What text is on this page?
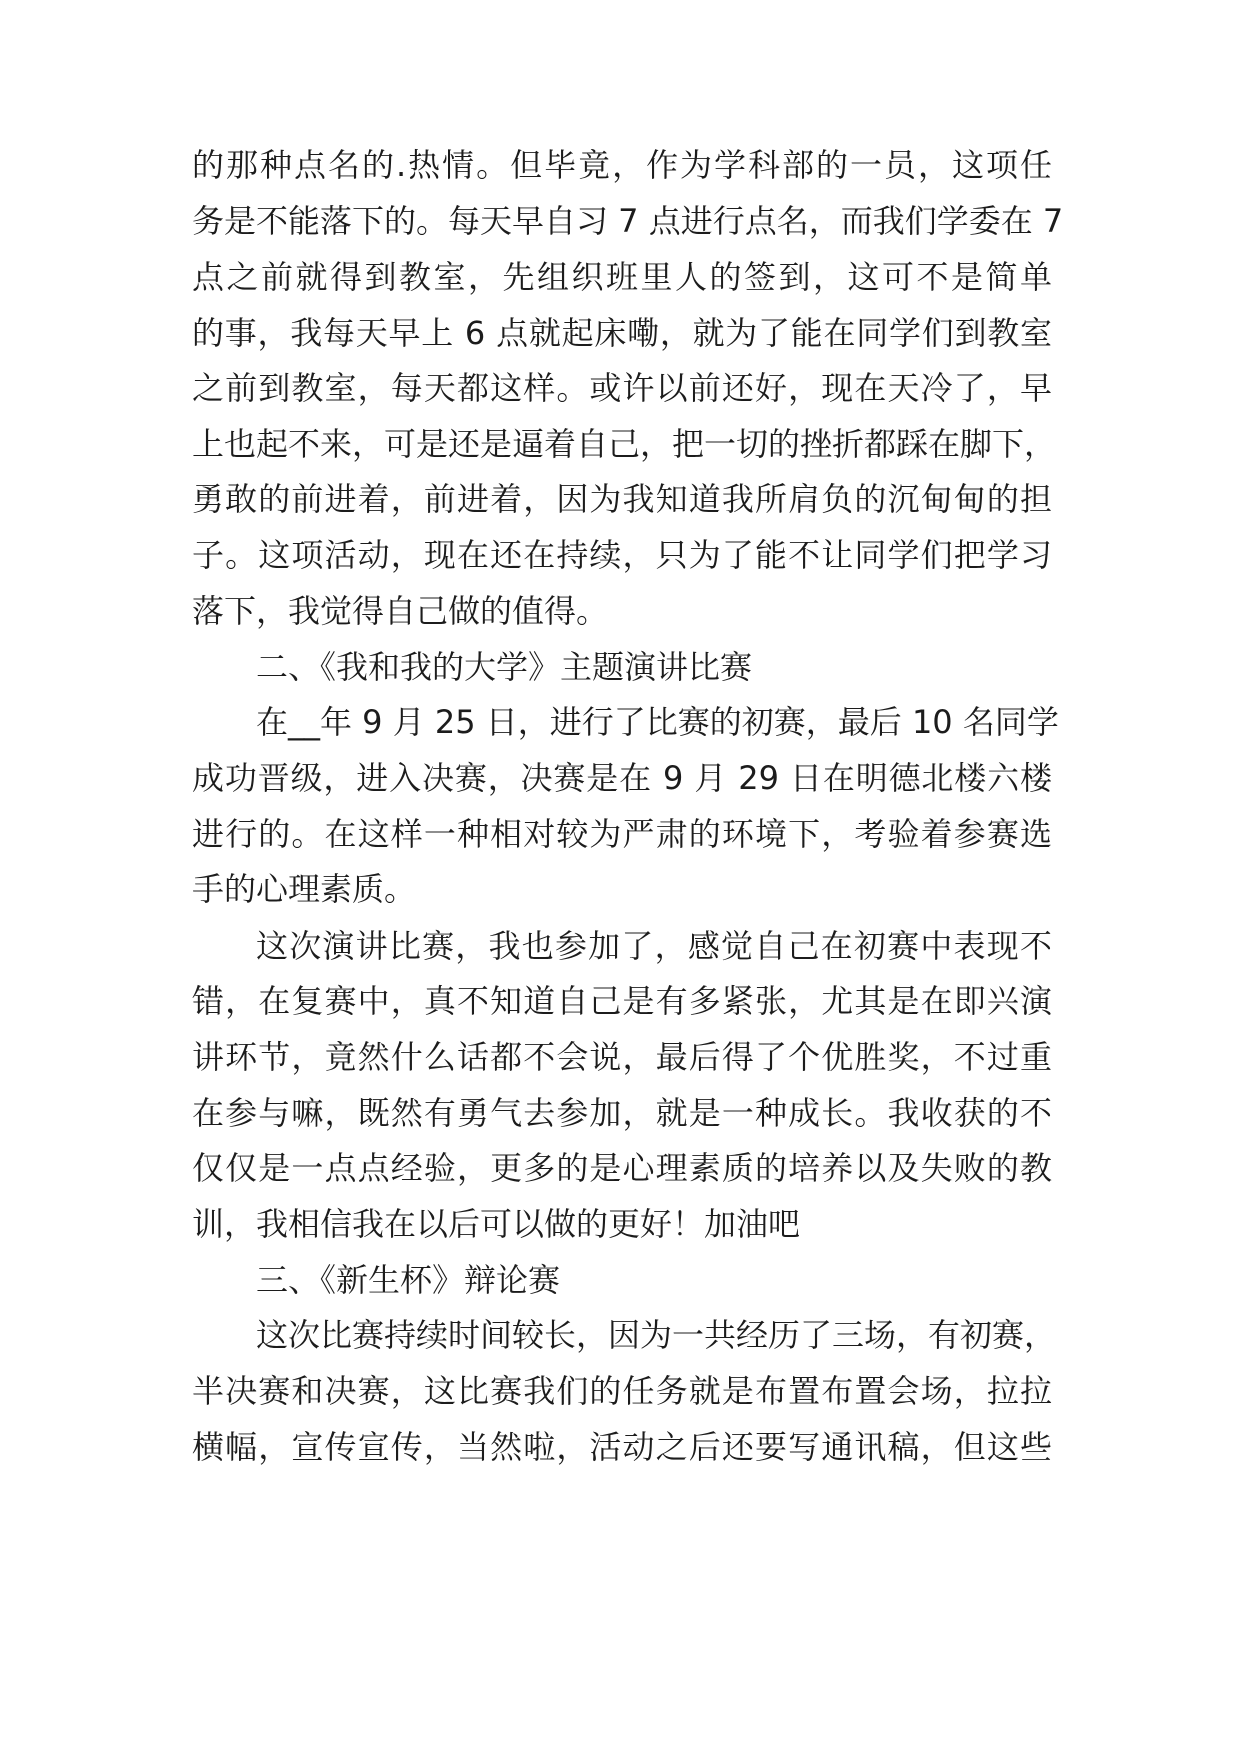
的那种点名的.热情。但毕竟，作为学科部的一员，这项任
务是不能落下的。每天早自习 7 点进行点名，而我们学委在 7
点之前就得到教室，先组织班里人的签到，这可不是简单
的事，我每天早上 6 点就起床嘞，就为了能在同学们到教室
之前到教室，每天都这样。或许以前还好，现在天冷了，早
上也起不来，可是还是逼着自己，把一切的挫折都踩在脚下，
勇敢的前进着，前进着，因为我知道我所肩负的沉甸甸的担
子。这项活动，现在还在持续，只为了能不让同学们把学习
落下，我觉得自己做的值得。
二、《我和我的大学》主题演讲比赛
在__年 9 月 25 日，进行了比赛的初赛，最后 10 名同学
成功晋级，进入决赛，决赛是在 9 月 29 日在明德北楼六楼
进行的。在这样一种相对较为严肃的环境下，考验着参赛选
手的心理素质。
这次演讲比赛，我也参加了，感觉自己在初赛中表现不
错，在复赛中，真不知道自己是有多紧张，尤其是在即兴演
讲环节，竟然什么话都不会说，最后得了个优胜奖，不过重
在参与嘛，既然有勇气去参加，就是一种成长。我收获的不
仅仅是一点点经验，更多的是心理素质的培养以及失败的教
训，我相信我在以后可以做的更好！加油吧
三、《新生杯》辩论赛
这次比赛持续时间较长，因为一共经历了三场，有初赛，
半决赛和决赛，这比赛我们的任务就是布置布置会场，拉拉
横幅，宣传宣传，当然啦，活动之后还要写通讯稿，但这些
